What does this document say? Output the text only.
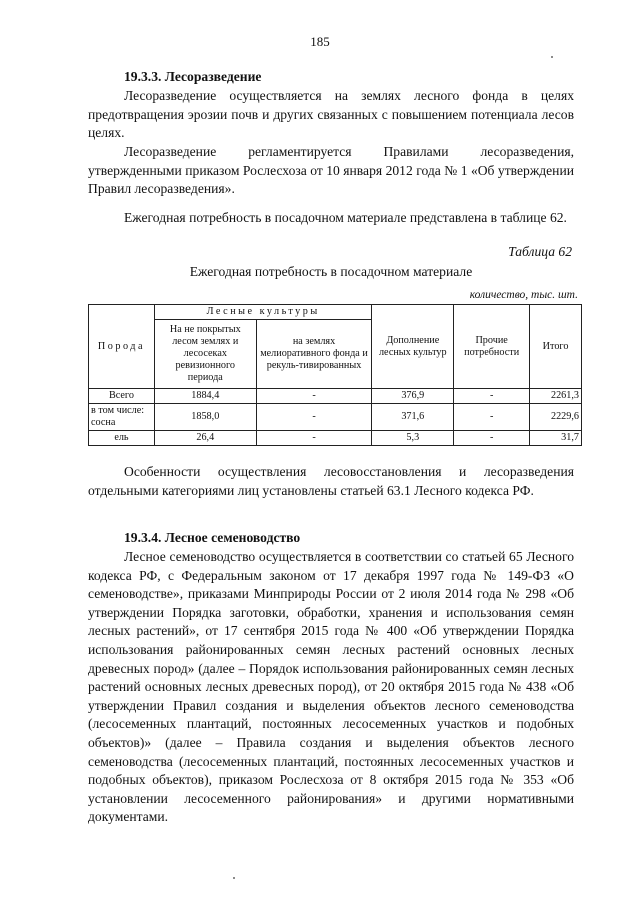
185
19.3.3. Лесоразведение
Лесоразведение осуществляется на землях лесного фонда в целях предотвращения эрозии почв и других связанных с повышением потенциала лесов целях.
Лесоразведение регламентируется Правилами лесоразведения, утвержденными приказом Рослесхоза от 10 января 2012 года № 1 «Об утверждении Правил лесоразведения».
Ежегодная потребность в посадочном материале представлена в таблице 62.
Таблица 62
Ежегодная потребность в посадочном материале
количество, тыс. шт.
Порода	Лесные культуры		Дополнение лесных культур	Прочие потребности	Итого
	На не покрытых лесом землях и лесосеках ревизионного периода	на землях мелиоративного фонда и рекуль-тивированных			
Всего	1884,4	-	376,9	-	2261,3
в том числе: сосна	1858,0	-	371,6	-	2229,6
ель	26,4	-	5,3	-	31,7
Особенности осуществления лесовосстановления и лесоразведения отдельными категориями лиц установлены статьей 63.1 Лесного кодекса РФ.
19.3.4. Лесное семеноводство
Лесное семеноводство осуществляется в соответствии со статьей 65 Лесного кодекса РФ, с Федеральным законом от 17 декабря 1997 года № 149-ФЗ «О семеноводстве», приказами Минприроды России от 2 июля 2014 года № 298 «Об утверждении Порядка заготовки, обработки, хранения и использования семян лесных растений», от 17 сентября 2015 года № 400 «Об утверждении Порядка использования районированных семян лесных растений основных лесных древесных пород» (далее – Порядок использования районированных семян лесных растений основных лесных древесных пород), от 20 октября 2015 года № 438 «Об утверждении Правил создания и выделения объектов лесного семеноводства (лесосеменных плантаций, постоянных лесосеменных участков и подобных объектов)» (далее – Правила создания и выделения объектов лесного семеноводства (лесосеменных плантаций, постоянных лесосеменных участков и подобных объектов), приказом Рослесхоза от 8 октября 2015 года № 353 «Об установлении лесосеменного районирования» и другими нормативными документами.
